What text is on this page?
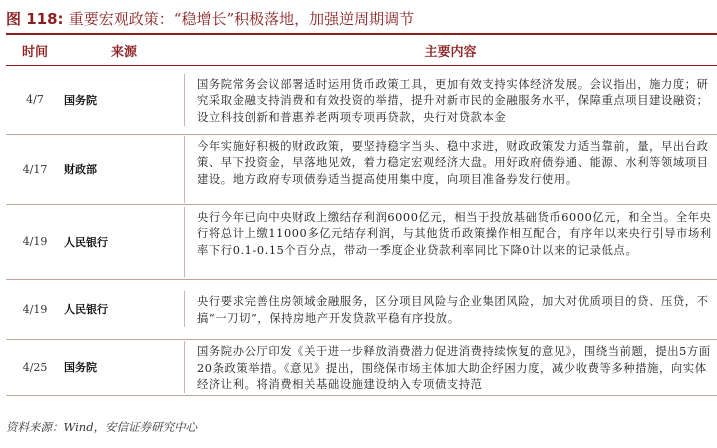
图 118: 重要宏观政策：“稳增长”积极落地，加强逆周期调节
时间	来源	主要内容
4/7	国务院	国务院常务会议部署适时运用货币政策工具，更加有效支持实体经济发展。会议指出，施力度；研究采取金融支持消费和有效投资的举措，提升对新市民的金融服务水平，保障重点项目建设融资；设立科技创新和普惠养老两项专项再贷款，央行对贷款本金

4/17	财政部	今年实施好积极的财政政策，要坚持稳字当头、稳中求进，财政政策发力适当靠前，量，早出台政策、早下投资金，早落地见效，着力稳定宏观经济大盘。用好政府债券通、能源、水利等领域项目建设。地方政府专项债券适当提高使用集中度，向项目准备券发行使用。

4/19	人民银行	央行今年已向中央财政上缴结存利润6000亿元，相当于投放基础货币6000亿元，和全当。全年央行将总计上缴11000多亿元结存利润，与其他货币政策操作相互配合，有序年以来央行引导市场利率下行0.1-0.15个百分点，带动一季度企业贷款利率同比下降0计以来的记录低点。

4/19	人民银行	央行要求完善住房领域金融服务，区分项目风险与企业集团风险，加大对优质项目的贷、压贷，不搞“一刀切”，保持房地产开发贷款平稳有序投放。

4/25	国务院	国务院办公厅印发《关于进一步释放消费潜力促进消费持续恢复的意见》，围绕当前题，提出5方面20条政策举措。《意见》提出，围绕保市场主体加大助企纾困力度，减少收费等多种措施，向实体经济让利。将消费相关基础设施建设纳入专项债支持范
资料来源：Wind，安信证券研究中心
